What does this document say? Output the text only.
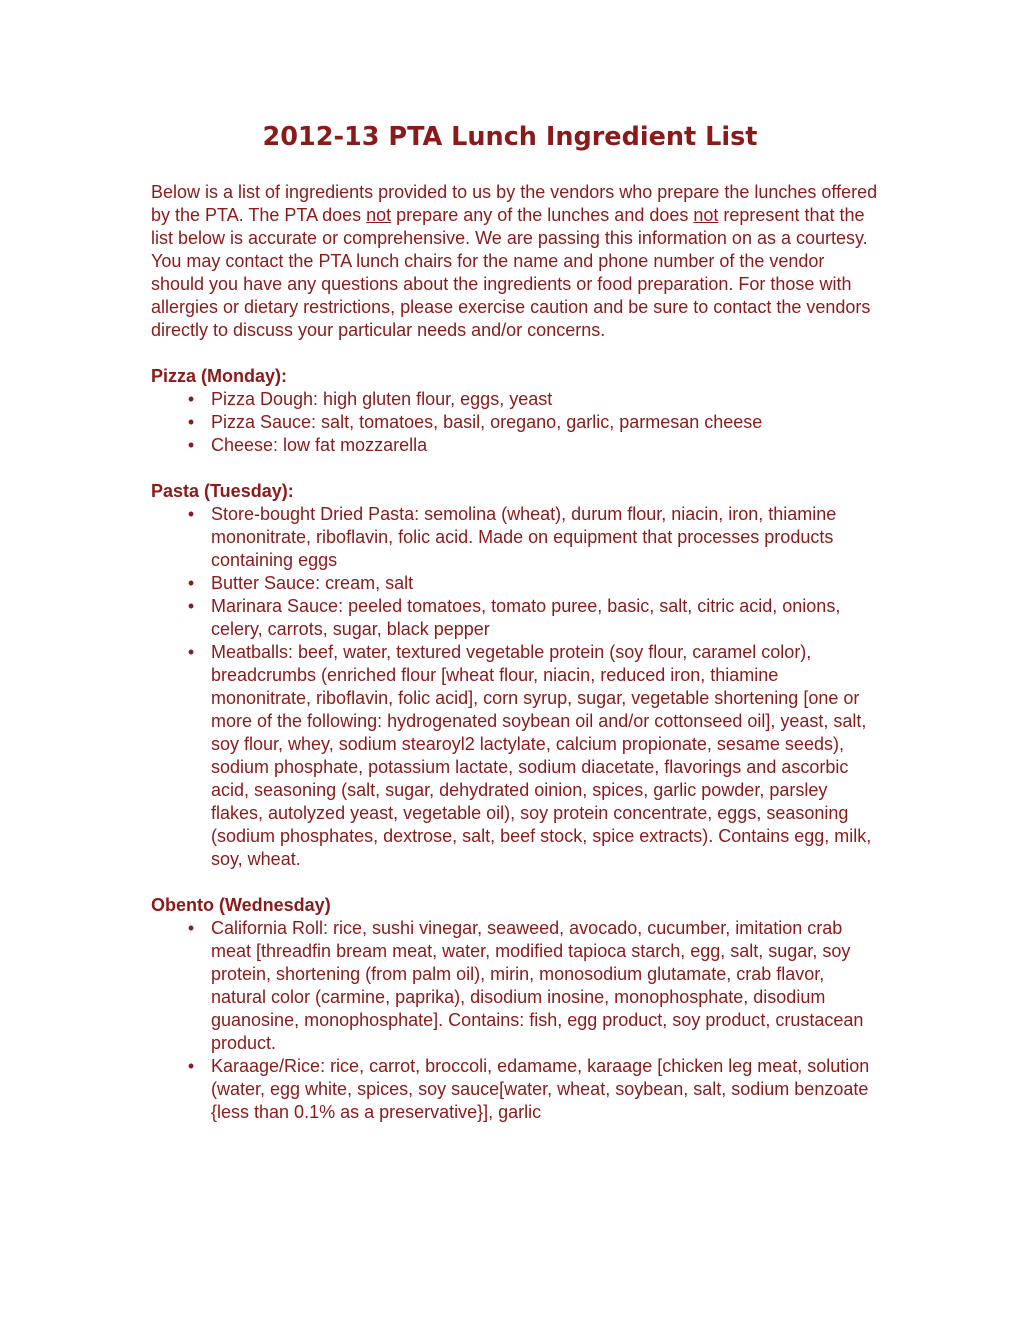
2012-13 PTA Lunch Ingredient List

Below is a list of ingredients provided to us by the vendors who prepare the lunches offered by the PTA. The PTA does not prepare any of the lunches and does not represent that the list below is accurate or comprehensive. We are passing this information on as a courtesy. You may contact the PTA lunch chairs for the name and phone number of the vendor should you have any questions about the ingredients or food preparation. For those with allergies or dietary restrictions, please exercise caution and be sure to contact the vendors directly to discuss your particular needs and/or concerns.

Pizza (Monday):
• Pizza Dough: high gluten flour, eggs, yeast
• Pizza Sauce: salt, tomatoes, basil, oregano, garlic, parmesan cheese
• Cheese: low fat mozzarella
Pasta (Tuesday):
• Store-bought Dried Pasta: semolina (wheat), durum flour, niacin, iron, thiamine mononitrate, riboflavin, folic acid. Made on equipment that processes products containing eggs
• Butter Sauce: cream, salt
• Marinara Sauce: peeled tomatoes, tomato puree, basic, salt, citric acid, onions, celery, carrots, sugar, black pepper
• Meatballs: beef, water, textured vegetable protein (soy flour, caramel color), breadcrumbs (enriched flour [wheat flour, niacin, reduced iron, thiamine mononitrate, riboflavin, folic acid], corn syrup, sugar, vegetable shortening [one or more of the following: hydrogenated soybean oil and/or cottonseed oil], yeast, salt, soy flour, whey, sodium stearoyl2 lactylate, calcium propionate, sesame seeds), sodium phosphate, potassium lactate, sodium diacetate, flavorings and ascorbic acid, seasoning (salt, sugar, dehydrated oinion, spices, garlic powder, parsley flakes, autolyzed yeast, vegetable oil), soy protein concentrate, eggs, seasoning (sodium phosphates, dextrose, salt, beef stock, spice extracts). Contains egg, milk, soy, wheat.
Obento (Wednesday)
• California Roll: rice, sushi vinegar, seaweed, avocado, cucumber, imitation crab meat [threadfin bream meat, water, modified tapioca starch, egg, salt, sugar, soy protein, shortening (from palm oil), mirin, monosodium glutamate, crab flavor, natural color (carmine, paprika), disodium inosine, monophosphate, disodium guanosine, monophosphate]. Contains: fish, egg product, soy product, crustacean product.
• Karaage/Rice: rice, carrot, broccoli, edamame, karaage [chicken leg meat, solution (water, egg white, spices, soy sauce[water, wheat, soybean, salt, sodium benzoate {less than 0.1% as a preservative}], garlic
